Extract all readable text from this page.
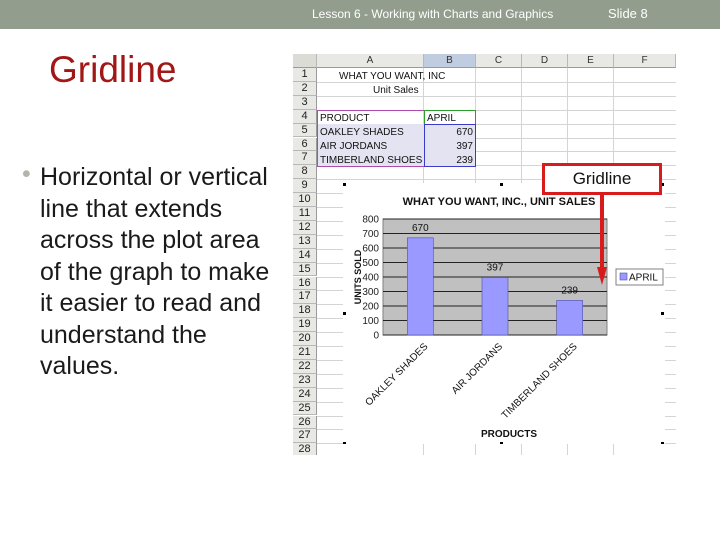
Lesson 6 - Working with Charts and Graphics	Slide 8
Gridline
• Horizontal or vertical line that extends across the plot area of the graph to make it easier to read and understand the values.
A	B	C	D	E	F
1
2
3
4
5
6
7
8
9
10
11
12
13
14
15
16
17
18
19
20
21
22
23
24
25
26
27
28
WHAT YOU WANT, INC
Unit Sales
PRODUCT	APRIL
OAKLEY SHADES	670
AIR JORDANS	397
TIMBERLAND SHOES	239
0
100
200
300
400
500
600
700
800
670
OAKLEY SHADES
397
AIR JORDANS
239
TIMBERLAND SHOES
WHAT YOU WANT, INC., UNIT SALES
UNITS SOLD
PRODUCTS
APRIL
Gridline
